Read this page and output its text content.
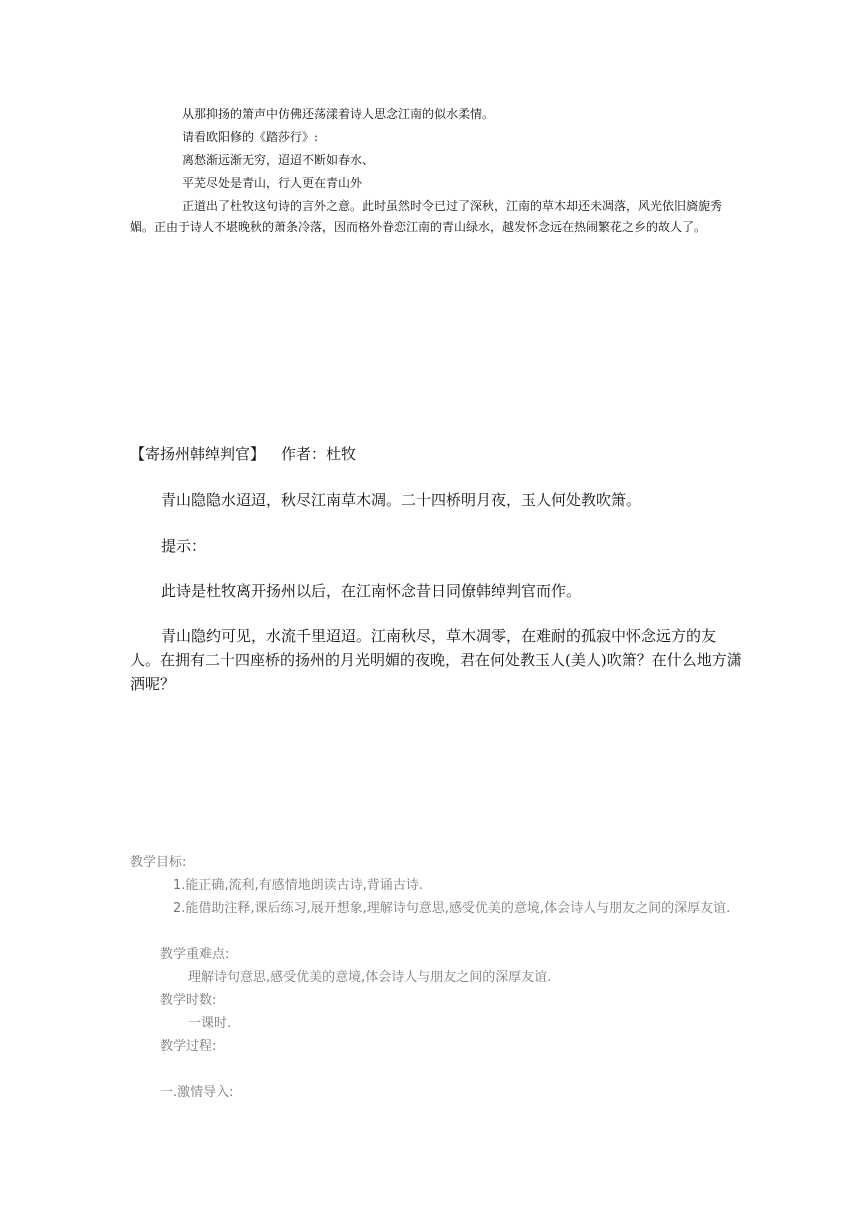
从那抑扬的箫声中仿佛还荡漾着诗人思念江南的似水柔情。
请看欧阳修的《踏莎行》:
离愁渐远渐无穷，迢迢不断如春水、
平芜尽处是青山，行人更在青山外
正道出了杜牧这句诗的言外之意。此时虽然时令已过了深秋，江南的草木却还未凋落，风光依旧旖旎秀媚。正由于诗人不堪晚秋的萧条冷落，因而格外眷恋江南的青山绿水，越发怀念远在热闹繁花之乡的故人了。
【寄扬州韩绰判官】 作者：杜牧
青山隐隐水迢迢，秋尽江南草木凋。二十四桥明月夜，玉人何处教吹箫。
提示：
此诗是杜牧离开扬州以后，在江南怀念昔日同僚韩绰判官而作。
青山隐约可见，水流千里迢迢。江南秋尽，草木凋零，在难耐的孤寂中怀念远方的友人。在拥有二十四座桥的扬州的月光明媚的夜晚，君在何处教玉人(美人)吹箫？在什么地方潇洒呢？
教学目标:
1.能正确,流利,有感情地朗读古诗,背诵古诗.
2.能借助注释,课后练习,展开想象,理解诗句意思,感受优美的意境,体会诗人与朋友之间的深厚友谊.
教学重难点:
理解诗句意思,感受优美的意境,体会诗人与朋友之间的深厚友谊.
教学时数:
一课时.
教学过程:
一.激情导入:
